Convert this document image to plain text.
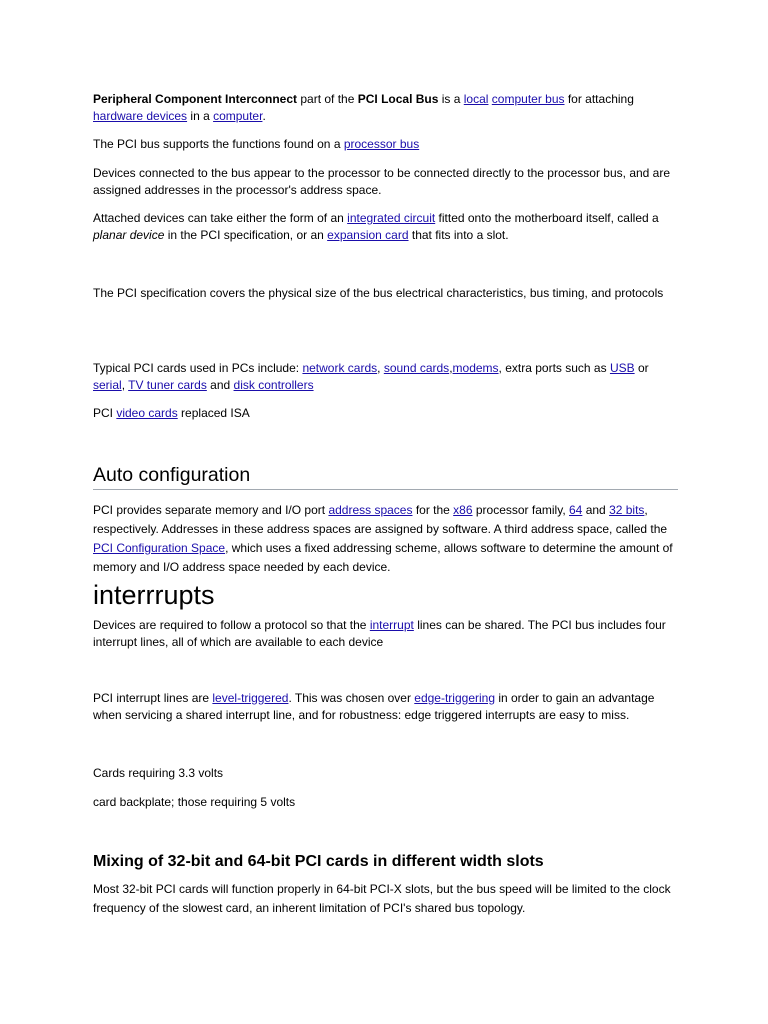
Peripheral Component Interconnect part of the PCI Local Bus is a local computer bus for attaching hardware devices in a computer.

The PCI bus supports the functions found on a processor bus

Devices connected to the bus appear to the processor to be connected directly to the processor bus, and are assigned addresses in the processor's address space.

Attached devices can take either the form of an integrated circuit fitted onto the motherboard itself, called a planar device in the PCI specification, or an expansion card that fits into a slot.

The PCI specification covers the physical size of the bus electrical characteristics, bus timing, and protocols

Typical PCI cards used in PCs include: network cards, sound cards,modems, extra ports such as USB or serial, TV tuner cards and disk controllers

PCI video cards replaced ISA

Auto configuration

PCI provides separate memory and I/O port address spaces for the x86 processor family, 64 and 32 bits, respectively. Addresses in these address spaces are assigned by software. A third address space, called the PCI Configuration Space, which uses a fixed addressing scheme, allows software to determine the amount of memory and I/O address space needed by each device.

interrrupts

Devices are required to follow a protocol so that the interrupt lines can be shared. The PCI bus includes four interrupt lines, all of which are available to each device

PCI interrupt lines are level-triggered. This was chosen over edge-triggering in order to gain an advantage when servicing a shared interrupt line, and for robustness: edge triggered interrupts are easy to miss.

Cards requiring 3.3 volts

card backplate; those requiring 5 volts

Mixing of 32-bit and 64-bit PCI cards in different width slots

Most 32-bit PCI cards will function properly in 64-bit PCI-X slots, but the bus speed will be limited to the clock frequency of the slowest card, an inherent limitation of PCI's shared bus topology.
